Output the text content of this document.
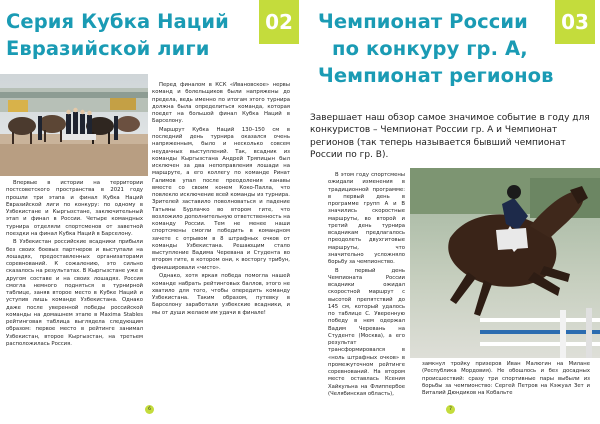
Серия Кубка Наций
Евразийской лиги
02

Впервые в истории на территории постсоветского пространства в 2021 году прошли три этапа и финал Кубка Наций Евразийской лиги по конкуру: по одному в Узбекистане и Кыргызстане, заключительный этап и финал в России. Четыре командных турнира отделяли спортсменов от заветной поездки на финал Кубка Наций в Барселону.

В Узбекистан российские всадники прибыли без своих боевых партнеров и выступали на лошадях, предоставленных организаторами соревнований. К сожалению, это сильно сказалось на результатах. В Кыргызстане уже в другом составе и на своих лошадях. Россия смогла немного подняться в турнирной таблице, заняв второе место в Кубке Наций и уступив лишь команде Узбекистана. Однако даже после уверенной победы российской команды на домашнем этапе в Maxima Stables рейтинговая таблица выглядела следующим образом: первое место в рейтинге занимал Узбекистан, второе Кыргызстан, на третьем расположилась Россия.

Перед финалом в КСК «Ивановское» нервы команд и болельщиков были напряжены до предела, ведь именно по итогам этого турнира должна была определиться команда, которая поедет на большой финал Кубка Наций в Барселону.

Маршрут Кубка Наций 130–150 см в последний день турнира оказался очень напряженным, было и несколько совсем неудачных выступлений. Так, всадник из команды Кыргызстана Андрей Тряпицын был исключен за два непоправления лошади на маршруте, а его коллегу по команде Ринат Галимов упал после преодоления канавы вместе со своим конем Коко-Палла, что повлекло исключение всей команды из турнира. Зрителей заставило поволноваться и падение Татьяны Бурлачко во втором гите, что возложило дополнительную ответственность на команду России. Тем не менее наши спортсмены смогли победить в командном зачете с отрывом в 8 штрафных очков от команды Узбекистана. Решающим стало выступление Вадима Черевана и Студента во втором гите, в котором они, к восторгу трибун, финишировали «чисто».

Однако, хотя яркая победа помогла нашей команде набрать рейтинговых баллов, этого не хватило для того, чтобы опередить команду Узбекистана. Таким образом, путевку в Барселону заработали узбекские всадники, и мы от души желаем им удачи в финале!

6
Чемпионат России
по конкуру гр. А,
Чемпионат регионов
03
Завершает наш обзор самое значимое событие в году для конкуристов – Чемпионат России гр. А и Чемпионат регионов (так теперь называется бывший чемпионат России по гр. В).

В этом году спортсмены ожидали изменения в традиционной программе: в первый день в программе групп А и В значились скоростные маршруты, во второй и третий день турнира всадникам предлагалось преодолеть двухгитовые маршруты, что значительно усложняло борьбу за чемпионство.

В первый день Чемпионата России всадники ожидал скоростной маршрут с высотой препятствий до 145 см, который удалось по таблице С. Уверенную победу в нем одержал Вадим Черевань на Студенте (Москва), а его результат трансформировался в «ноль штрафных очков» в промежуточном рейтинге соревнований. На втором месте оставлась Ксения Хайкульна на Флиппербое (Челябинская область),

замкнул тройку призеров Иван Малюгин на Милане (Республика Мордовия). Не обошлось и без досадных происшествий: сразу три спортивные пары выбыли из борьбы за чемпионство: Сергей Петров на Кэжуал Зет и Виталий Дюндиков на Кобальте

7
